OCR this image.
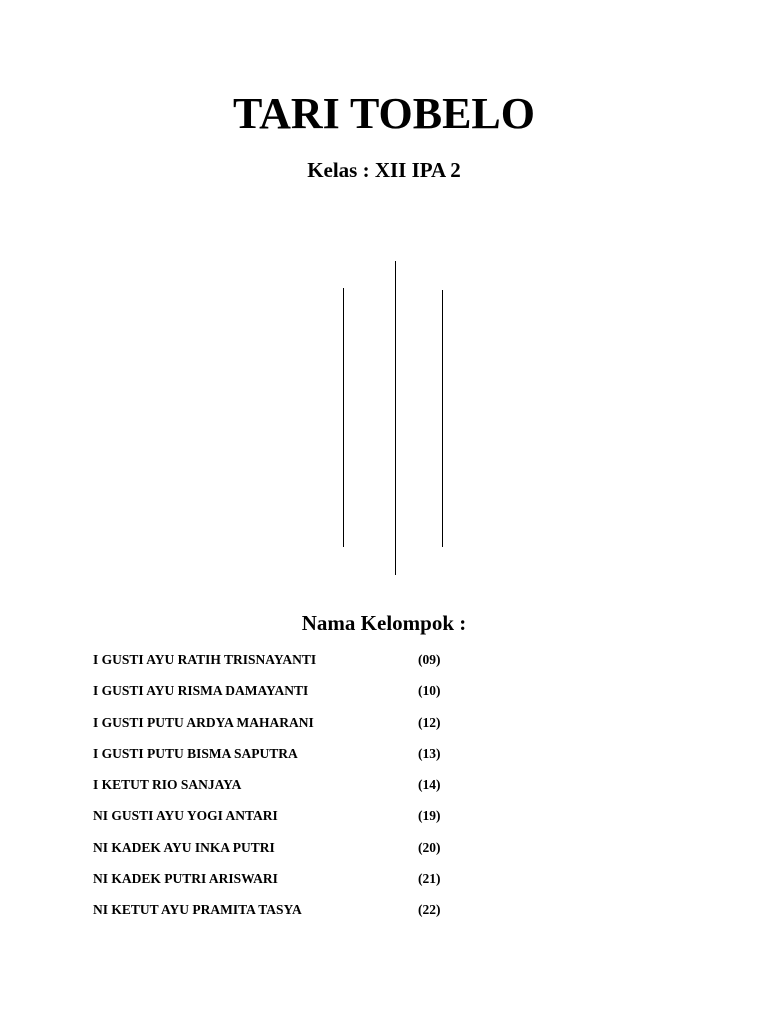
TARI TOBELO
Kelas : XII IPA 2
Nama Kelompok :
I GUSTI AYU RATIH TRISNAYANTI	(09)
I GUSTI AYU RISMA DAMAYANTI	(10)
I GUSTI PUTU ARDYA MAHARANI	(12)
I GUSTI PUTU BISMA SAPUTRA	(13)
I KETUT RIO SANJAYA	(14)
NI GUSTI AYU YOGI ANTARI	(19)
NI KADEK AYU INKA PUTRI	(20)
NI KADEK PUTRI ARISWARI	(21)
NI KETUT AYU PRAMITA TASYA	(22)
